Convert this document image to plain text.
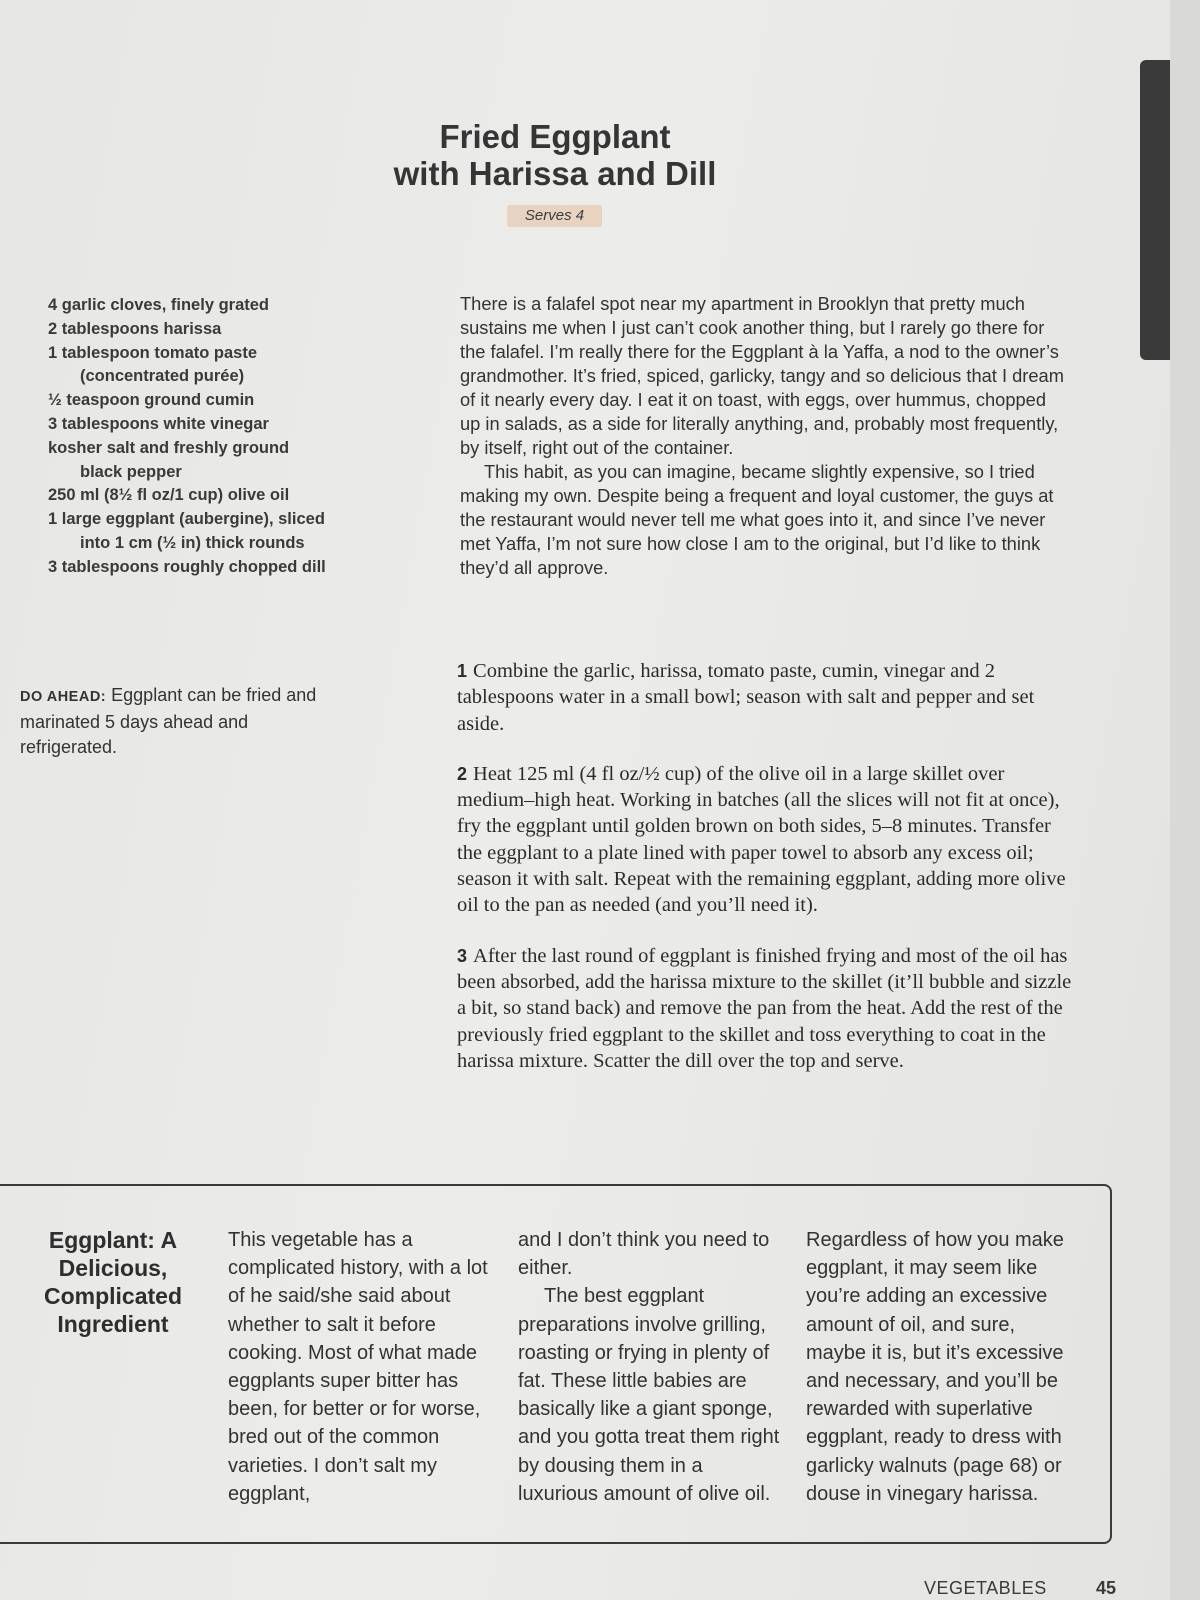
Fried Eggplant
with Harissa and Dill
Serves 4
4 garlic cloves, finely grated
2 tablespoons harissa
1 tablespoon tomato paste
(concentrated purée)
½ teaspoon ground cumin
3 tablespoons white vinegar
kosher salt and freshly ground
black pepper
250 ml (8½ fl oz/1 cup) olive oil
1 large eggplant (aubergine), sliced
into 1 cm (½ in) thick rounds
3 tablespoons roughly chopped dill

There is a falafel spot near my apartment in Brooklyn that pretty much sustains me when I just can’t cook another thing, but I rarely go there for the falafel. I’m really there for the Eggplant à la Yaffa, a nod to the owner’s grandmother. It’s fried, spiced, garlicky, tangy and so delicious that I dream of it nearly every day. I eat it on toast, with eggs, over hummus, chopped up in salads, as a side for literally anything, and, probably most frequently, by itself, right out of the container.

This habit, as you can imagine, became slightly expensive, so I tried making my own. Despite being a frequent and loyal customer, the guys at the restaurant would never tell me what goes into it, and since I’ve never met Yaffa, I’m not sure how close I am to the original, but I’d like to think they’d all approve.

DO AHEAD: Eggplant can be fried and marinated 5 days ahead and refrigerated.

1 Combine the garlic, harissa, tomato paste, cumin, vinegar and 2 tablespoons water in a small bowl; season with salt and pepper and set aside.

2 Heat 125 ml (4 fl oz/½ cup) of the olive oil in a large skillet over medium–high heat. Working in batches (all the slices will not fit at once), fry the eggplant until golden brown on both sides, 5–8 minutes. Transfer the eggplant to a plate lined with paper towel to absorb any excess oil; season it with salt. Repeat with the remaining eggplant, adding more olive oil to the pan as needed (and you’ll need it).

3 After the last round of eggplant is finished frying and most of the oil has been absorbed, add the harissa mixture to the skillet (it’ll bubble and sizzle a bit, so stand back) and remove the pan from the heat. Add the rest of the previously fried eggplant to the skillet and toss everything to coat in the harissa mixture. Scatter the dill over the top and serve.

Eggplant: A Delicious, Complicated Ingredient

This vegetable has a complicated history, with a lot of he said/she said about whether to salt it before cooking. Most of what made eggplants super bitter has been, for better or for worse, bred out of the common varieties. I don’t salt my eggplant,

and I don’t think you need to either.

The best eggplant preparations involve grilling, roasting or frying in plenty of fat. These little babies are basically like a giant sponge, and you gotta treat them right by dousing them in a luxurious amount of olive oil.

Regardless of how you make eggplant, it may seem like you’re adding an excessive amount of oil, and sure, maybe it is, but it’s excessive and necessary, and you’ll be rewarded with superlative eggplant, ready to dress with garlicky walnuts (page 68) or douse in vinegary harissa.

VEGETABLES	45
